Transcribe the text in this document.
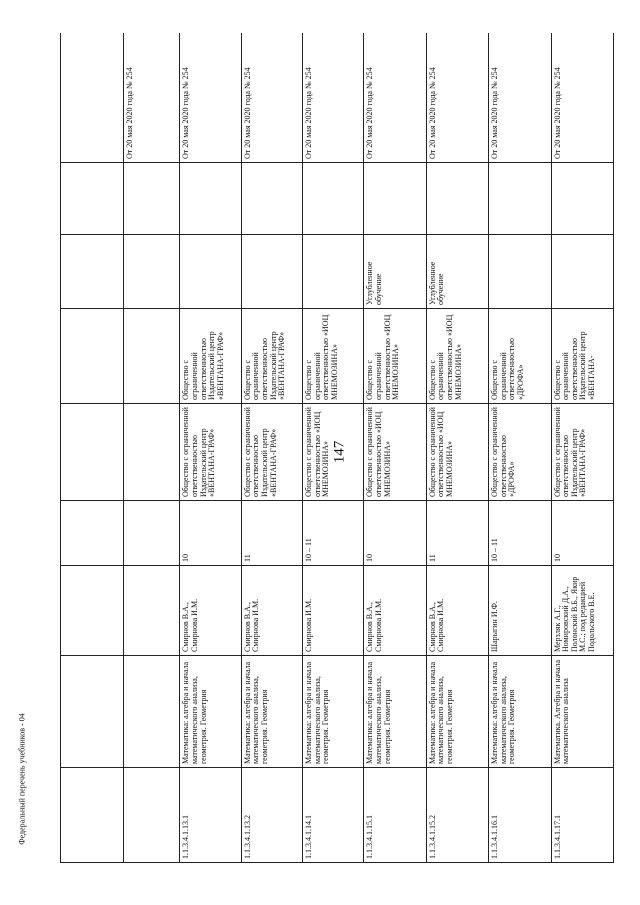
147

								От 20 мая 2020 года № 254
1.1.3.4.1.13.1	Математика: алгебра и начала математического анализа, геометрия. Геометрия	Смирнов В.А., Смирнова И.М.	10	Общество с ограниченной ответственностью Издательский центр «ВЕНТАНА-ГРАФ»	Общество с ограниченной ответственностью Издательский центр «ВЕНТАНА-ГРАФ»			От 20 мая 2020 года № 254
1.1.3.4.1.13.2	Математика: алгебра и начала математического анализа, геометрия. Геометрия	Смирнов В.А., Смирнова И.М.	11	Общество с ограниченной ответственностью Издательский центр «ВЕНТАНА-ГРАФ»	Общество с ограниченной ответственностью Издательский центр «ВЕНТАНА-ГРАФ»			От 20 мая 2020 года № 254
1.1.3.4.1.14.1	Математика: алгебра и начала математического анализа, геометрия. Геометрия	Смирнова И.М.	10 – 11	Общество с ограниченной ответственностью «ИОЦ МНЕМОЗИНА»	Общество с ограниченной ответственностью «ИОЦ МНЕМОЗИНА»			От 20 мая 2020 года № 254
1.1.3.4.1.15.1	Математика: алгебра и начала математического анализа, геометрия. Геометрия	Смирнов В.А., Смирнова И.М.	10	Общество с ограниченной ответственностью «ИОЦ МНЕМОЗИНА»	Общество с ограниченной ответственностью «ИОЦ МНЕМОЗИНА»	Углубленное обучение		От 20 мая 2020 года № 254
1.1.3.4.1.15.2	Математика: алгебра и начала математического анализа, геометрия. Геометрия	Смирнов В.А., Смирнова И.М.	11	Общество с ограниченной ответственностью «ИОЦ МНЕМОЗИНА»	Общество с ограниченной ответственностью «ИОЦ МНЕМОЗИНА»	Углубленное обучение		От 20 мая 2020 года № 254
1.1.3.4.1.16.1	Математика: алгебра и начала математического анализа, геометрия. Геометрия	Шарыгин И.Ф.	10 – 11	Общество с ограниченной ответственностью «ДРОФА»	Общество с ограниченной ответственностью «ДРОФА»			От 20 мая 2020 года № 254
1.1.3.4.1.17.1	Математика. Алгебра и начала математического анализа	Мерзляк А.Г., Номировский Д.А., Полонский В.Б., Якир М.С.; под редакцией Подольского В.Е.	10	Общество с ограниченной ответственностью Издательский центр «ВЕНТАНА-ГРАФ»	Общество с ограниченной ответственностью Издательский центр «ВЕНТАНА-			От 20 мая 2020 года № 254
Федеральный перечень учебников - 04
